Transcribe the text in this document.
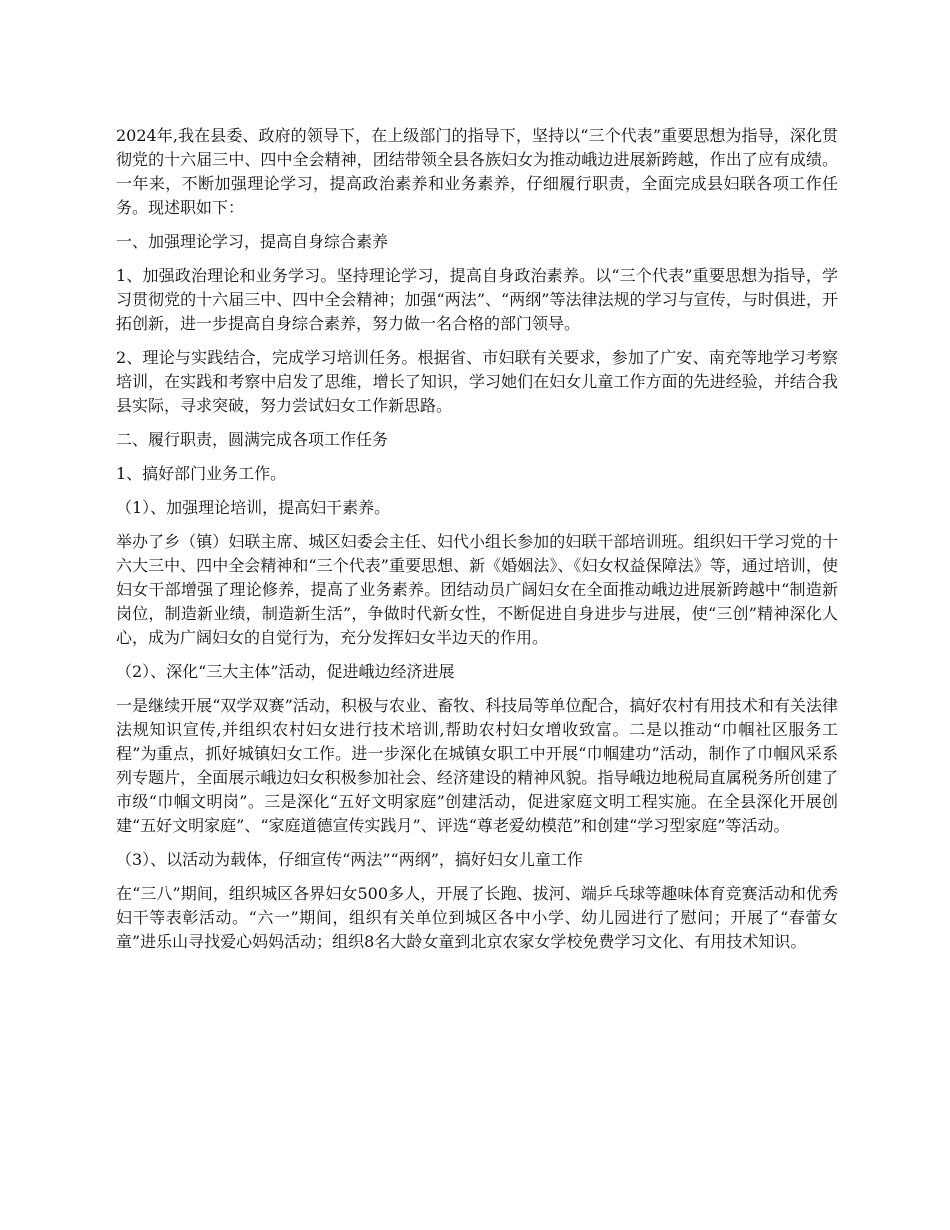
2024年,我在县委、政府的领导下，在上级部门的指导下，坚持以“三个代表”重要思想为指导，深化贯彻党的十六届三中、四中全会精神，团结带领全县各族妇女为推动峨边进展新跨越，作出了应有成绩。一年来，不断加强理论学习，提高政治素养和业务素养，仔细履行职责，全面完成县妇联各项工作任务。现述职如下：

一、加强理论学习，提高自身综合素养

1、加强政治理论和业务学习。坚持理论学习，提高自身政治素养。以“三个代表”重要思想为指导，学习贯彻党的十六届三中、四中全会精神；加强“两法”、“两纲”等法律法规的学习与宣传，与时俱进，开拓创新，进一步提高自身综合素养，努力做一名合格的部门领导。

2、理论与实践结合，完成学习培训任务。根据省、市妇联有关要求，参加了广安、南充等地学习考察培训，在实践和考察中启发了思维，增长了知识，学习她们在妇女儿童工作方面的先进经验，并结合我县实际，寻求突破，努力尝试妇女工作新思路。

二、履行职责，圆满完成各项工作任务

1、搞好部门业务工作。

（1）、加强理论培训，提高妇干素养。

举办了乡（镇）妇联主席、城区妇委会主任、妇代小组长参加的妇联干部培训班。组织妇干学习党的十六大三中、四中全会精神和“三个代表”重要思想、新《婚姻法》、《妇女权益保障法》等，通过培训，使妇女干部增强了理论修养，提高了业务素养。团结动员广阔妇女在全面推动峨边进展新跨越中“制造新岗位，制造新业绩，制造新生活”，争做时代新女性，不断促进自身进步与进展，使“三创”精神深化人心，成为广阔妇女的自觉行为，充分发挥妇女半边天的作用。

（2）、深化“三大主体”活动，促进峨边经济进展

一是继续开展“双学双赛”活动，积极与农业、畜牧、科技局等单位配合，搞好农村有用技术和有关法律法规知识宣传,并组织农村妇女进行技术培训,帮助农村妇女增收致富。二是以推动“巾帼社区服务工程”为重点，抓好城镇妇女工作。进一步深化在城镇女职工中开展“巾帼建功”活动，制作了巾帼风采系列专题片，全面展示峨边妇女积极参加社会、经济建设的精神风貌。指导峨边地税局直属税务所创建了市级“巾帼文明岗”。三是深化“五好文明家庭”创建活动，促进家庭文明工程实施。在全县深化开展创建“五好文明家庭”、“家庭道德宣传实践月”、评选“尊老爱幼模范”和创建“学习型家庭”等活动。

（3）、以活动为载体，仔细宣传“两法”“两纲”，搞好妇女儿童工作

在“三八”期间，组织城区各界妇女500多人，开展了长跑、拔河、端乒乓球等趣味体育竞赛活动和优秀妇干等表彰活动。“六一”期间，组织有关单位到城区各中小学、幼儿园进行了慰问；开展了“春蕾女童”进乐山寻找爱心妈妈活动；组织8名大龄女童到北京农家女学校免费学习文化、有用技术知识。
